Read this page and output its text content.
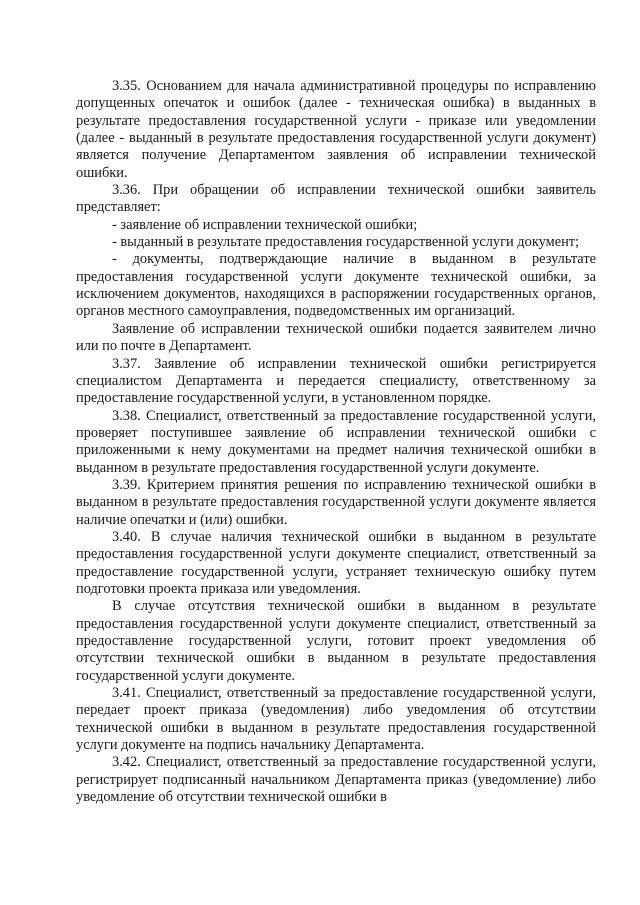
3.35. Основанием для начала административной процедуры по исправлению допущенных опечаток и ошибок (далее - техническая ошибка) в выданных в результате предоставления государственной услуги - приказе или уведомлении (далее - выданный в результате предоставления государственной услуги документ) является получение Департаментом заявления об исправлении технической ошибки.

3.36. При обращении об исправлении технической ошибки заявитель представляет:

- заявление об исправлении технической ошибки;

- выданный в результате предоставления государственной услуги документ;

- документы, подтверждающие наличие в выданном в результате предоставления государственной услуги документе технической ошибки, за исключением документов, находящихся в распоряжении государственных органов, органов местного самоуправления, подведомственных им организаций.

Заявление об исправлении технической ошибки подается заявителем лично или по почте в Департамент.

3.37. Заявление об исправлении технической ошибки регистрируется специалистом Департамента и передается специалисту, ответственному за предоставление государственной услуги, в установленном порядке.

3.38. Специалист, ответственный за предоставление государственной услуги, проверяет поступившее заявление об исправлении технической ошибки с приложенными к нему документами на предмет наличия технической ошибки в выданном в результате предоставления государственной услуги документе.

3.39. Критерием принятия решения по исправлению технической ошибки в выданном в результате предоставления государственной услуги документе является наличие опечатки и (или) ошибки.

3.40. В случае наличия технической ошибки в выданном в результате предоставления государственной услуги документе специалист, ответственный за предоставление государственной услуги, устраняет техническую ошибку путем подготовки проекта приказа или уведомления.

В случае отсутствия технической ошибки в выданном в результате предоставления государственной услуги документе специалист, ответственный за предоставление государственной услуги, готовит проект уведомления об отсутствии технической ошибки в выданном в результате предоставления государственной услуги документе.

3.41. Специалист, ответственный за предоставление государственной услуги, передает проект приказа (уведомления) либо уведомления об отсутствии технической ошибки в выданном в результате предоставления государственной услуги документе на подпись начальнику Департамента.

3.42. Специалист, ответственный за предоставление государственной услуги, регистрирует подписанный начальником Департамента приказ (уведомление) либо уведомление об отсутствии технической ошибки в
